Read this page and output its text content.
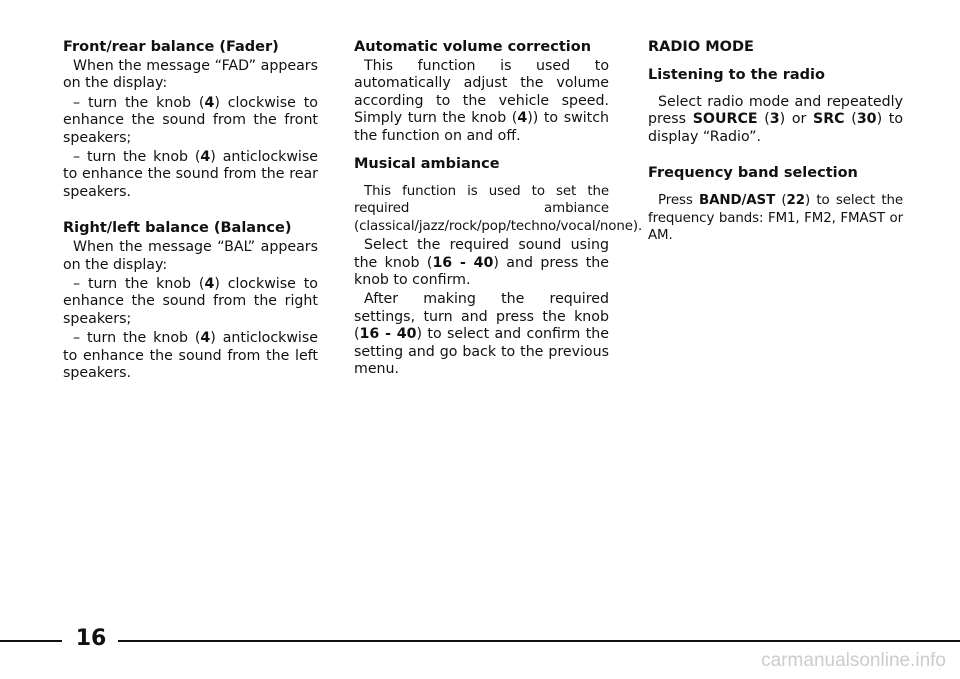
Front/rear balance (Fader)

When the message “FAD” appears on the display:

– turn the knob (4) clockwise to enhance the sound from the front speakers;

– turn the knob (4) anticlockwise to enhance the sound from the rear speakers.

Right/left balance (Balance)

When the message “BAL” appears on the display:

– turn the knob (4) clockwise to enhance the sound from the right speakers;

– turn the knob (4) anticlockwise to enhance the sound from the left speakers.

Automatic volume correction

This function is used to automatically adjust the volume according to the vehicle speed. Simply turn the knob (4)) to switch the function on and off.

Musical ambiance

This function is used to set the required ambiance (classical/jazz/rock/pop/techno/vocal/none).

Select the required sound using the knob (16 - 40) and press the knob to confirm.

After making the required settings, turn and press the knob (16 - 40) to select and confirm the setting and go back to the previous menu.

RADIO MODE
Listening to the radio

Select radio mode and repeatedly press SOURCE (3) or SRC (30) to display “Radio”.

Frequency band selection

Press BAND/AST (22) to select the frequency bands: FM1, FM2, FMAST or AM.

16
carmanualsonline.info
